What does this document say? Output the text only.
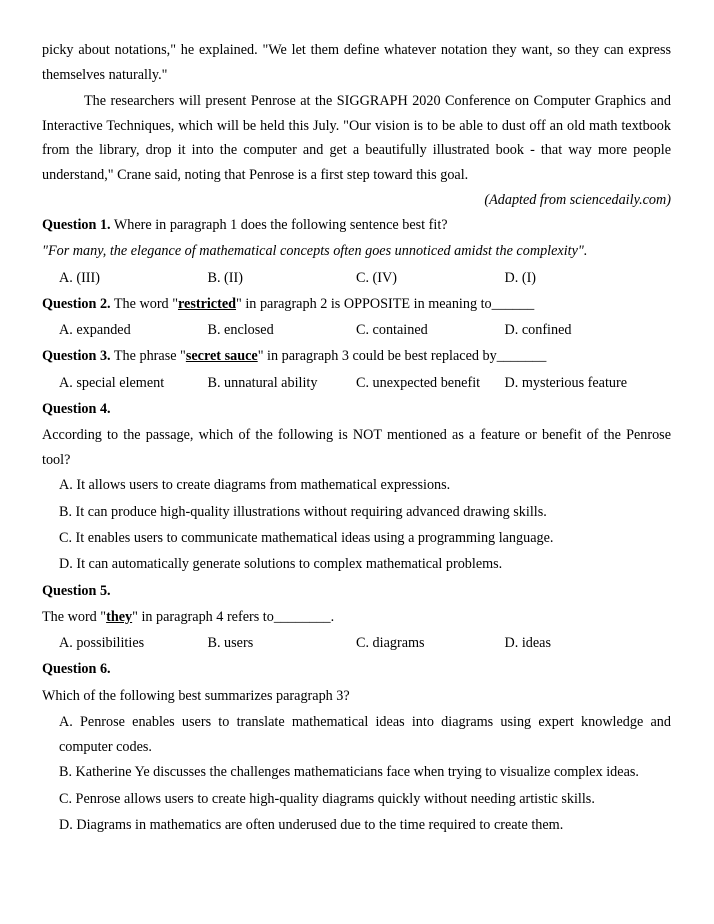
picky about notations," he explained. "We let them define whatever notation they want, so they can express themselves naturally."

The researchers will present Penrose at the SIGGRAPH 2020 Conference on Computer Graphics and Interactive Techniques, which will be held this July. "Our vision is to be able to dust off an old math textbook from the library, drop it into the computer and get a beautifully illustrated book - that way more people understand," Crane said, noting that Penrose is a first step toward this goal.

(Adapted from sciencedaily.com)

Question 1. Where in paragraph 1 does the following sentence best fit?

"For many, the elegance of mathematical concepts often goes unnoticed amidst the complexity".

A. (III)	B. (II)	C. (IV)	D. (I)

Question 2. The word "restricted" in paragraph 2 is OPPOSITE in meaning to______

A. expanded	B. enclosed	C. contained	D. confined

Question 3. The phrase "secret sauce" in paragraph 3 could be best replaced by_______

A. special element	B. unnatural ability	C. unexpected benefit	D. mysterious feature

Question 4.

According to the passage, which of the following is NOT mentioned as a feature or benefit of the Penrose tool?

A. It allows users to create diagrams from mathematical expressions.

B. It can produce high-quality illustrations without requiring advanced drawing skills.

C. It enables users to communicate mathematical ideas using a programming language.

D. It can automatically generate solutions to complex mathematical problems.

Question 5.

The word "they" in paragraph 4 refers to________.

A. possibilities	B. users	C. diagrams	D. ideas

Question 6.

Which of the following best summarizes paragraph 3?

A. Penrose enables users to translate mathematical ideas into diagrams using expert knowledge and computer codes.

B. Katherine Ye discusses the challenges mathematicians face when trying to visualize complex ideas.

C. Penrose allows users to create high-quality diagrams quickly without needing artistic skills.

D. Diagrams in mathematics are often underused due to the time required to create them.
